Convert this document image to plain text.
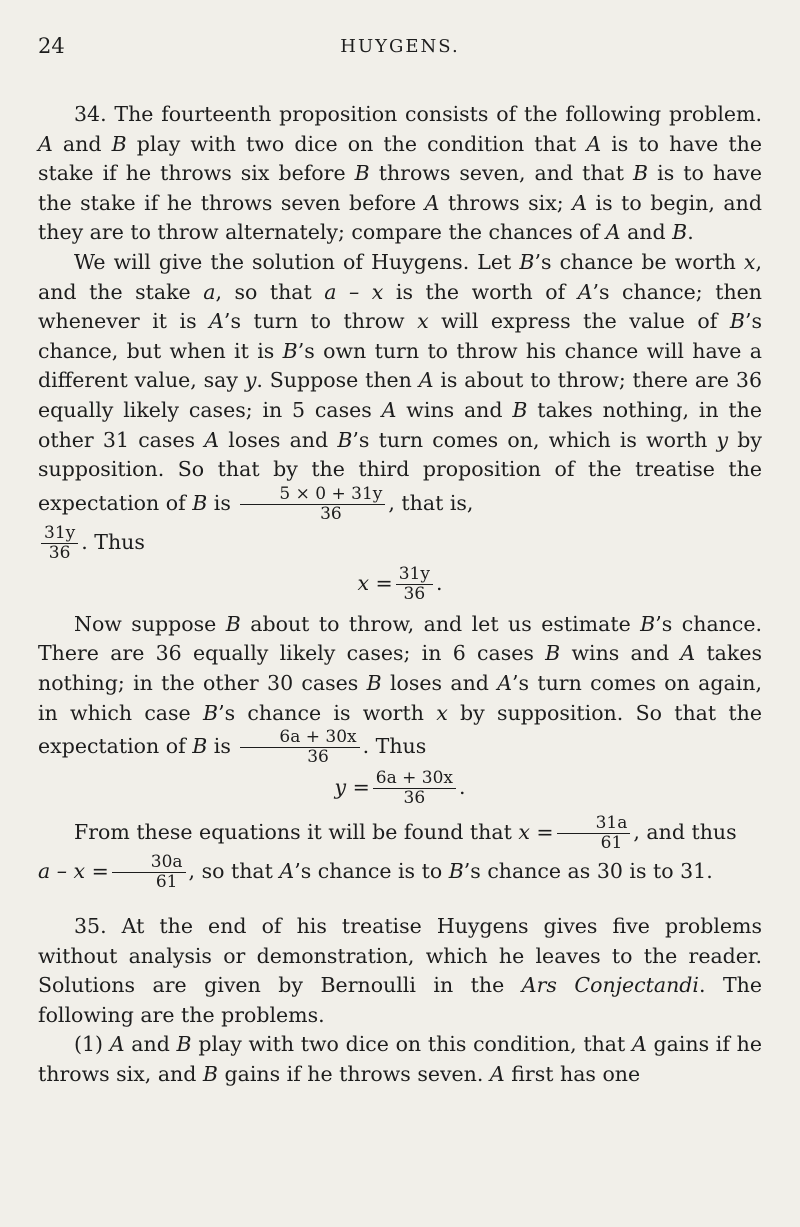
24	HUYGENS.

34. The fourteenth proposition consists of the following problem. A and B play with two dice on the condition that A is to have the stake if he throws six before B throws seven, and that B is to have the stake if he throws seven before A throws six; A is to begin, and they are to throw alternately; compare the chances of A and B.

We will give the solution of Huygens. Let B’s chance be worth x, and the stake a, so that a – x is the worth of A’s chance; then whenever it is A’s turn to throw x will express the value of B’s chance, but when it is B’s own turn to throw his chance will have a different value, say y. Suppose then A is about to throw; there are 36 equally likely cases; in 5 cases A wins and B takes nothing, in the other 31 cases A loses and B’s turn comes on, which is worth y by supposition. So that by the third proposition of the treatise the expectation of B is $\frac{5 \times 0 + 31y}{36}$ , that is,

$\frac{31y}{36}$ . Thus
$x = \frac{31y}{36}$ .

Now suppose B about to throw, and let us estimate B’s chance. There are 36 equally likely cases; in 6 cases B wins and A takes nothing; in the other 30 cases B loses and A’s turn comes on again, in which case B’s chance is worth x by supposition. So that the expectation of B is $\frac{6a + 30x}{36}$ . Thus

$y = \frac{6a + 30x}{36}$ .

From these equations it will be found that $x = \frac{31a}{61}$ , and thus
$a - x = \frac{30a}{61}$ , so that A’s chance is to B’s chance as 30 is to 31.

35. At the end of his treatise Huygens gives five problems without analysis or demonstration, which he leaves to the reader. Solutions are given by Bernoulli in the Ars Conjectandi. The following are the problems.

(1) A and B play with two dice on this condition, that A gains if he throws six, and B gains if he throws seven. A first has one
